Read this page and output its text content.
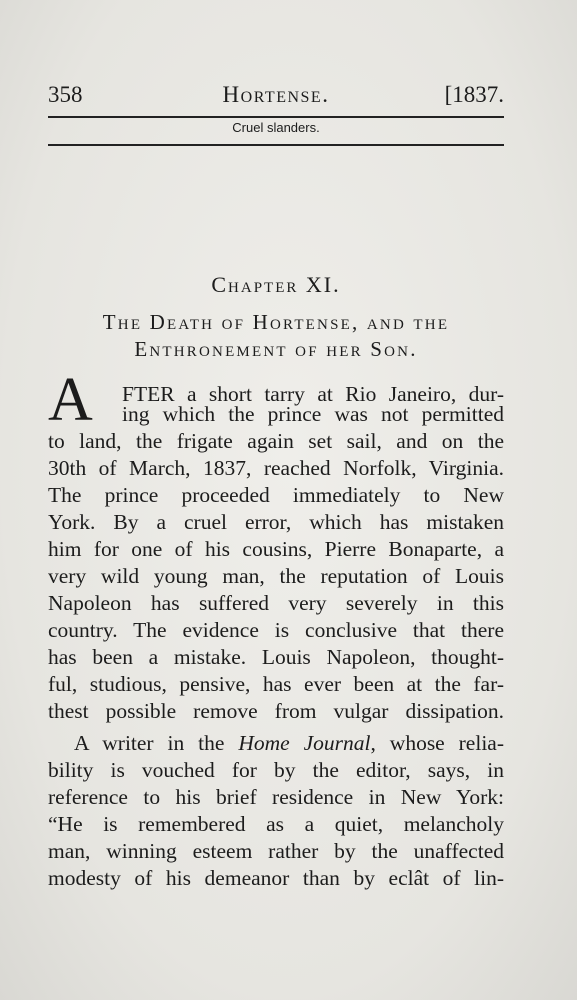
358	Hortense.	[1837.
Cruel slanders.
Chapter XI.
The Death of Hortense, and the
Enthronement of her Son.
A FTER a short tarry at Rio Janeiro, dur-
ing which the prince was not permitted
to land, the frigate again set sail, and on the
30th of March, 1837, reached Norfolk, Virginia.
The prince proceeded immediately to New
York. By a cruel error, which has mistaken
him for one of his cousins, Pierre Bonaparte, a
very wild young man, the reputation of Louis
Napoleon has suffered very severely in this
country. The evidence is conclusive that there
has been a mistake. Louis Napoleon, thought-
ful, studious, pensive, has ever been at the far-
thest possible remove from vulgar dissipation.
A writer in the Home Journal, whose relia-
bility is vouched for by the editor, says, in
reference to his brief residence in New York:
“He is remembered as a quiet, melancholy
man, winning esteem rather by the unaffected
modesty of his demeanor than by eclât of lin-
